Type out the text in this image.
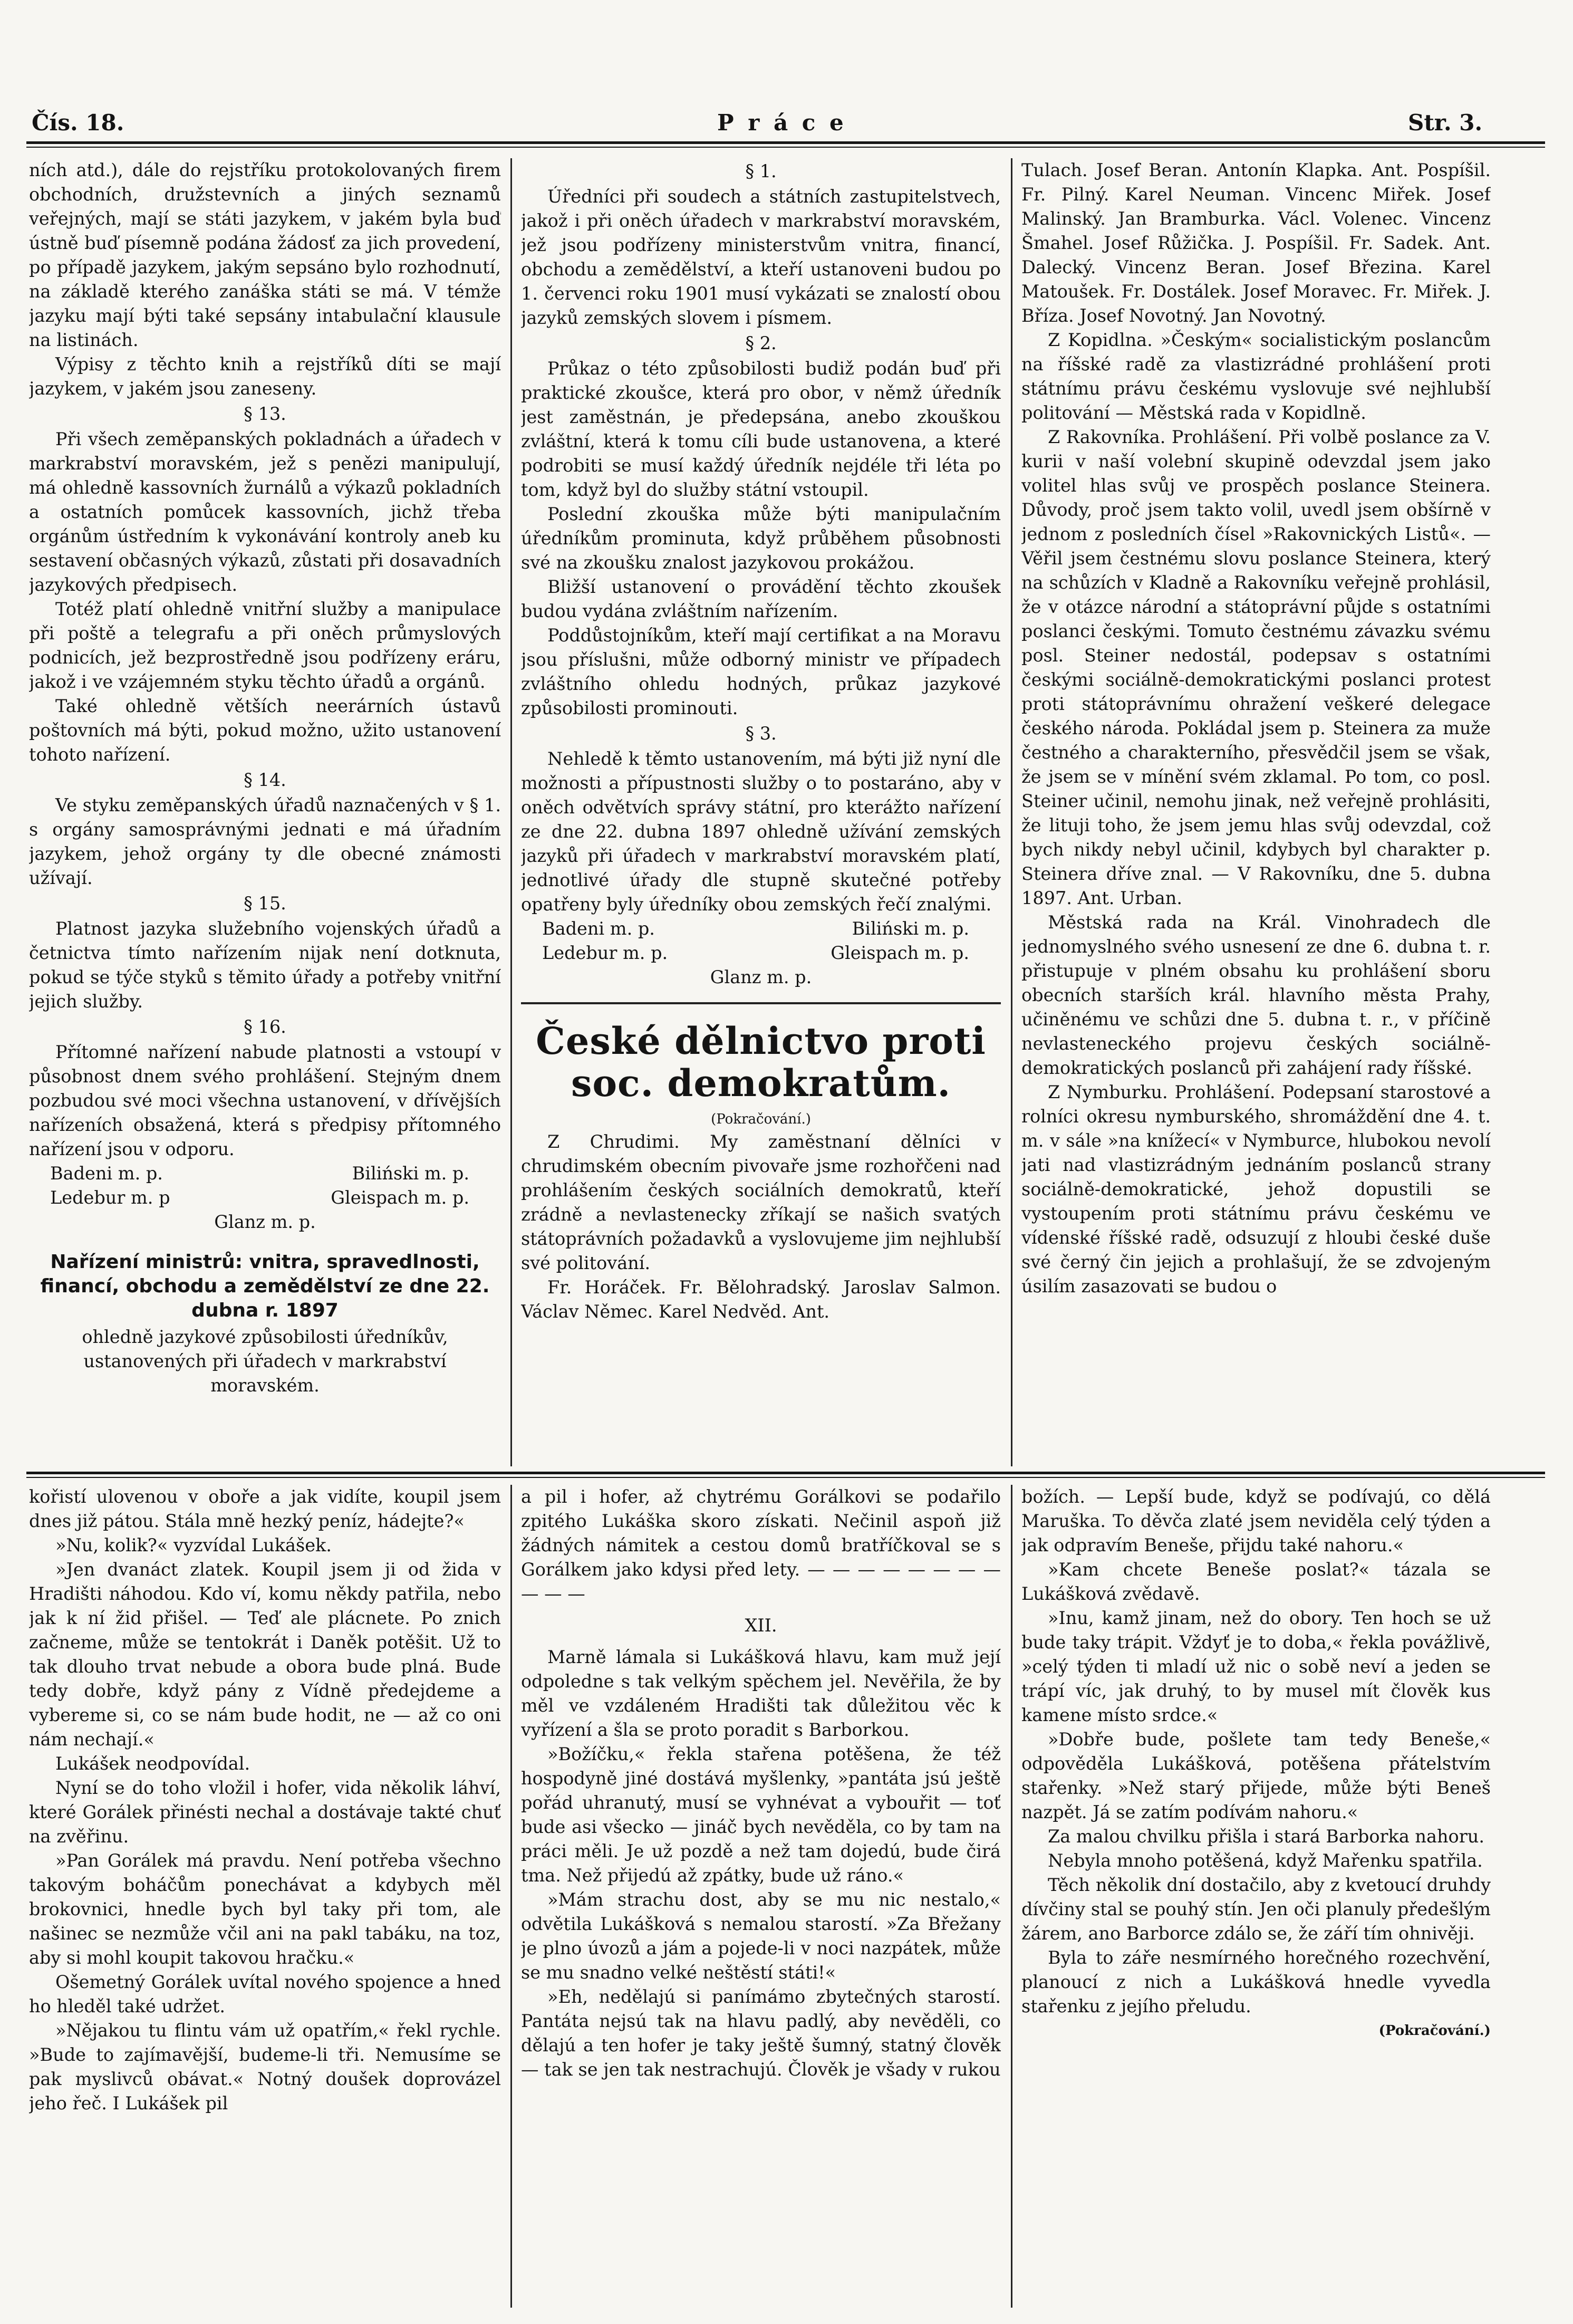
Čís. 18.	P r á c e	Str. 3.

ních atd.), dále do rejstříku protokolovaných firem obchodních, družstevních a jiných seznamů veřejných, mají se státi jazykem, v jakém byla buď ústně buď písemně podána žádosť za jich provedení, po případě jazykem, jakým sepsáno bylo rozhodnutí, na základě kterého zanáška státi se má. V témže jazyku mají býti také sepsány intabulační klausule na listinách.

Výpisy z těchto knih a rejstříků díti se mají jazykem, v jakém jsou zaneseny.

§ 13.

Při všech zeměpanských pokladnách a úřadech v markrabství moravském, jež s penězi manipulují, má ohledně kassovních žurnálů a výkazů pokladních a ostatních pomůcek kassovních, jichž třeba orgánům ústředním k vykonávání kontroly aneb ku sestavení občasných výkazů, zůstati při dosavadních jazykových předpisech.

Totéž platí ohledně vnitřní služby a manipulace při poště a telegrafu a při oněch průmyslových podnicích, jež bezprostředně jsou podřízeny eráru, jakož i ve vzájemném styku těchto úřadů a orgánů.

Také ohledně větších neerárních ústavů poštovních má býti, pokud možno, užito ustanovení tohoto nařízení.

§ 14.

Ve styku zeměpanských úřadů naznačených v § 1. s orgány samosprávnými jednati e má úřadním jazykem, jehož orgány ty dle obecné známosti užívají.

§ 15.

Platnost jazyka služebního vojenských úřadů a četnictva tímto nařízením nijak není dotknuta, pokud se týče styků s těmito úřady a potřeby vnitřní jejich služby.

§ 16.

Přítomné nařízení nabude platnosti a vstoupí v působnost dnem svého prohlášení. Stejným dnem pozbudou své moci všechna ustanovení, v dřívějších nařízeních obsažená, která s předpisy přítomného nařízení jsou v odporu.

Badeni m. p.	Biliński m. p.
Ledebur m. p	Gleispach m. p.
Glanz m. p.
Nařízení ministrů: vnitra, spravedlnosti, financí, obchodu a zemědělství ze dne 22. dubna r. 1897
ohledně jazykové způsobilosti úředníkův, ustanovených při úřadech v markrabství moravském.
§ 1.

Úředníci při soudech a státních zastupitelstvech, jakož i při oněch úřadech v markrabství moravském, jež jsou podřízeny ministerstvům vnitra, financí, obchodu a zemědělství, a kteří ustanoveni budou po 1. červenci roku 1901 musí vykázati se znalostí obou jazyků zemských slovem i písmem.

§ 2.

Průkaz o této způsobilosti budiž podán buď při praktické zkoušce, která pro obor, v němž úředník jest zaměstnán, je předepsána, anebo zkouškou zvláštní, která k tomu cíli bude ustanovena, a které podrobiti se musí každý úředník nejdéle tři léta po tom, když byl do služby státní vstoupil.

Poslední zkouška může býti manipulačním úředníkům prominuta, když průběhem působnosti své na zkoušku znalost jazykovou prokážou.

Bližší ustanovení o provádění těchto zkoušek budou vydána zvláštním nařízením.

Poddůstojníkům, kteří mají certifikat a na Moravu jsou příslušni, může odborný ministr ve případech zvláštního ohledu hodných, průkaz jazykové způsobilosti prominouti.

§ 3.

Nehledě k těmto ustanovením, má býti již nyní dle možnosti a přípustnosti služby o to postaráno, aby v oněch odvětvích správy státní, pro kterážto nařízení ze dne 22. dubna 1897 ohledně užívání zemských jazyků při úřadech v markrabství moravském platí, jednotlivé úřady dle stupně skutečné potřeby opatřeny byly úředníky obou zemských řečí znalými.

Badeni m. p.	Biliński m. p.
Ledebur m. p.	Gleispach m. p.
Glanz m. p.
České dělnictvo proti soc. demokratům.
(Pokračování.)

Z Chrudimi. My zaměstnaní dělníci v chrudimském obecním pivovaře jsme rozhořčeni nad prohlášením českých sociálních demokratů, kteří zrádně a nevlastenecky zříkají se našich svatých státoprávních požadavků a vyslovujeme jim nejhlubší své politování.

Fr. Horáček. Fr. Bělohradský. Jaroslav Salmon. Václav Němec. Karel Nedvěd. Ant.

Tulach. Josef Beran. Antonín Klapka. Ant. Pospíšil. Fr. Pilný. Karel Neuman. Vincenc Miřek. Josef Malinský. Jan Bramburka. Václ. Volenec. Vincenz Šmahel. Josef Růžička. J. Pospíšil. Fr. Sadek. Ant. Dalecký. Vincenz Beran. Josef Březina. Karel Matoušek. Fr. Dostálek. Josef Moravec. Fr. Miřek. J. Bříza. Josef Novotný. Jan Novotný.

Z Kopidlna. »Českým« socialistickým poslancům na říšské radě za vlastizrádné prohlášení proti státnímu právu českému vyslovuje své nejhlubší politování — Městská rada v Kopidlně.

Z Rakovníka. Prohlášení. Při volbě poslance za V. kurii v naší volební skupině odevzdal jsem jako volitel hlas svůj ve prospěch poslance Steinera. Důvody, proč jsem takto volil, uvedl jsem obšírně v jednom z posledních čísel »Rakovnických Listů«. — Věřil jsem čestnému slovu poslance Steinera, který na schůzích v Kladně a Rakovníku veřejně prohlásil, že v otázce národní a státoprávní půjde s ostatními poslanci českými. Tomuto čestnému závazku svému posl. Steiner nedostál, podepsav s ostatními českými sociálně-demokratickými poslanci protest proti státoprávnímu ohražení veškeré delegace českého národa. Pokládal jsem p. Steinera za muže čestného a charakterního, přesvědčil jsem se však, že jsem se v mínění svém zklamal. Po tom, co posl. Steiner učinil, nemohu jinak, než veřejně prohlásiti, že lituji toho, že jsem jemu hlas svůj odevzdal, což bych nikdy nebyl učinil, kdybych byl charakter p. Steinera dříve znal. — V Rakovníku, dne 5. dubna 1897. Ant. Urban.

Městská rada na Král. Vinohradech dle jednomyslného svého usnesení ze dne 6. dubna t. r. přistupuje v plném obsahu ku prohlášení sboru obecních starších král. hlavního města Prahy, učiněnému ve schůzi dne 5. dubna t. r., v příčině nevlasteneckého projevu českých sociálně-demokratických poslanců při zahájení rady říšské.

Z Nymburku. Prohlášení. Podepsaní starostové a rolníci okresu nymburského, shromáždění dne 4. t. m. v sále »na knížecí« v Nymburce, hlubokou nevolí jati nad vlastizrádným jednáním poslanců strany sociálně-demokratické, jehož dopustili se vystoupením proti státnímu právu českému ve vídenské říšské radě, odsuzují z hloubi české duše své černý čin jejich a prohlašují, že se zdvojeným úsilím zasazovati se budou o

kořistí ulovenou v oboře a jak vidíte, koupil jsem dnes již pátou. Stála mně hezký peníz, hádejte?«

»Nu, kolik?« vyzvídal Lukášek.

»Jen dvanáct zlatek. Koupil jsem ji od žida v Hradišti náhodou. Kdo ví, komu někdy patřila, nebo jak k ní žid přišel. — Teď ale plácnete. Po znich začneme, může se tentokrát i Daněk potěšit. Už to tak dlouho trvat nebude a obora bude plná. Bude tedy dobře, když pány z Vídně předejdeme a vybereme si, co se nám bude hodit, ne — až co oni nám nechají.«

Lukášek neodpovídal.

Nyní se do toho vložil i hofer, vida několik láhví, které Gorálek přinésti nechal a dostávaje takté chuť na zvěřinu.

»Pan Gorálek má pravdu. Není potřeba všechno takovým boháčům ponechávat a kdybych měl brokovnici, hnedle bych byl taky při tom, ale našinec se nezmůže včil ani na pakl tabáku, na toz, aby si mohl koupit takovou hračku.«

Ošemetný Gorálek uvítal nového spojence a hned ho hleděl také udržet.

»Nějakou tu flintu vám už opatřím,« řekl rychle. »Bude to zajímavější, budeme-li tři. Nemusíme se pak myslivců obávat.« Notný doušek doprovázel jeho řeč. I Lukášek pil

a pil i hofer, až chytrému Gorálkovi se podařilo zpitého Lukáška skoro získati. Nečinil aspoň již žádných námitek a cestou domů bratříčkoval se s Gorálkem jako kdysi před lety. — — — — — — — — — — —

XII.

Marně lámala si Lukášková hlavu, kam muž její odpoledne s tak velkým spěchem jel. Nevěřila, že by měl ve vzdáleném Hradišti tak důležitou věc k vyřízení a šla se proto poradit s Barborkou.

»Božíčku,« řekla stařena potěšena, že též hospodyně jiné dostává myšlenky, »pantáta jsú ještě pořád uhranutý, musí se vyhnévat a vybouřit — toť bude asi všecko — jináč bych nevěděla, co by tam na práci měli. Je už pozdě a než tam dojedú, bude čirá tma. Než přijedú až zpátky, bude už ráno.«

»Mám strachu dost, aby se mu nic nestalo,« odvětila Lukášková s nemalou starostí. »Za Břežany je plno úvozů a jám a pojede-li v noci nazpátek, může se mu snadno velké neštěstí státi!«

»Eh, nedělajú si panímámo zbytečných starostí. Pantáta nejsú tak na hlavu padlý, aby nevěděli, co dělajú a ten hofer je taky ještě šumný, statný člověk — tak se jen tak nestrachujú. Člověk je všady v rukou

božích. — Lepší bude, když se podívajú, co dělá Maruška. To děvča zlaté jsem neviděla celý týden a jak odpravím Beneše, přijdu také nahoru.«

»Kam chcete Beneše poslat?« tázala se Lukášková zvědavě.

»Inu, kamž jinam, než do obory. Ten hoch se už bude taky trápit. Vždyť je to doba,« řekla povážlivě, »celý týden ti mladí už nic o sobě neví a jeden se trápí víc, jak druhý, to by musel mít člověk kus kamene místo srdce.«

»Dobře bude, pošlete tam tedy Beneše,« odpověděla Lukášková, potěšena přátelstvím stařenky. »Než starý přijede, může býti Beneš nazpět. Já se zatím podívám nahoru.«

Za malou chvilku přišla i stará Barborka nahoru.

Nebyla mnoho potěšená, když Mařenku spatřila.

Těch několik dní dostačilo, aby z kvetoucí druhdy dívčiny stal se pouhý stín. Jen oči planuly předešlým žárem, ano Barborce zdálo se, že září tím ohnivěji.

Byla to záře nesmírného horečného rozechvění, planoucí z nich a Lukášková hnedle vyvedla stařenku z jejího přeludu.

(Pokračování.)
